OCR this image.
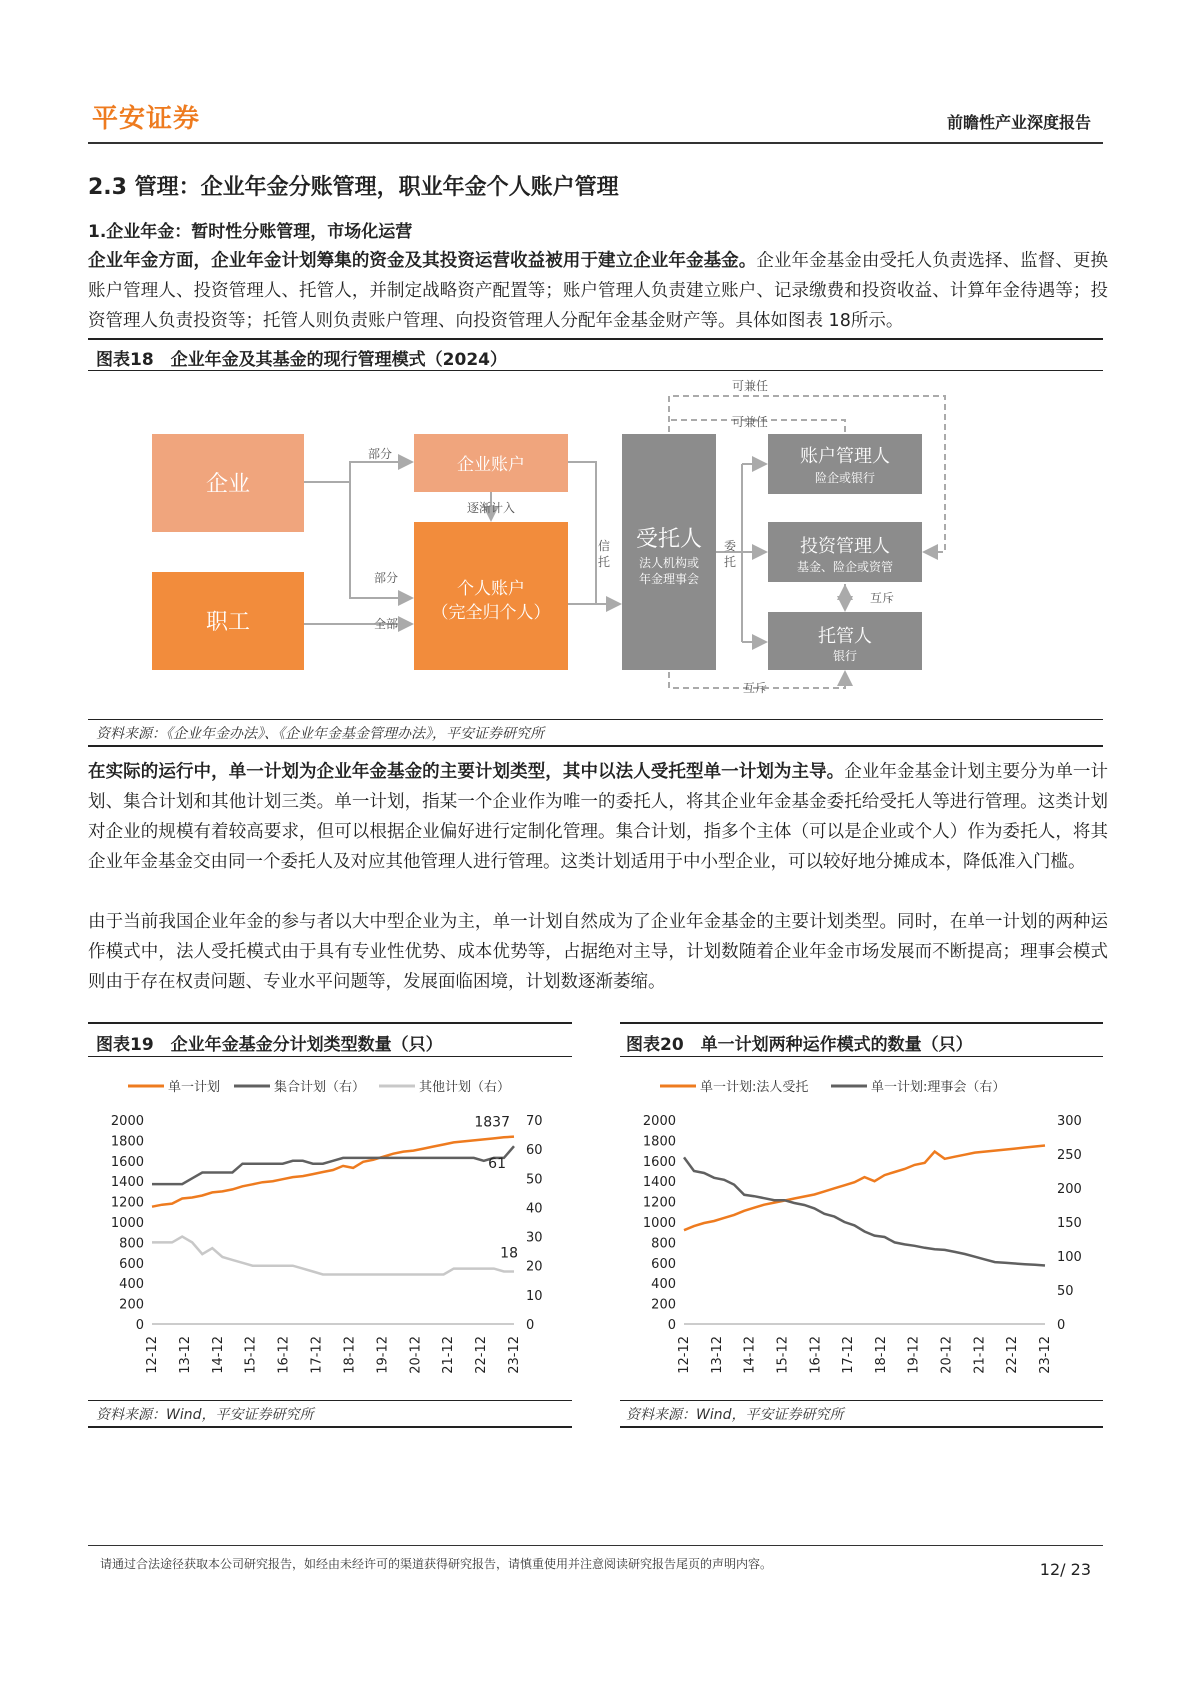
平安证券	前瞻性产业深度报告
2.3 管理：企业年金分账管理，职业年金个人账户管理
1.企业年金：暂时性分账管理，市场化运营
企业年金方面，企业年金计划筹集的资金及其投资运营收益被用于建立企业年金基金。企业年金基金由受托人负责选择、监督、更换账户管理人、投资管理人、托管人，并制定战略资产配置等；账户管理人负责建立账户、记录缴费和投资收益、计算年金待遇等；投资管理人负责投资等；托管人则负责账户管理、向投资管理人分配年金基金财产等。具体如图表 18所示。
图表18　企业年金及其基金的现行管理模式（2024）
企业
职工
企业账户
个人账户
（完全归个人）
受托人
法人机构或
年金理事会
账户管理人
险企或银行
投资管理人
基金、险企或资管
托管人
银行
部分
部分
全部
逐渐计入
信
托
委
托
可兼任
可兼任
互斥
互斥
资料来源：《企业年金办法》、《企业年金基金管理办法》，平安证券研究所
在实际的运行中，单一计划为企业年金基金的主要计划类型，其中以法人受托型单一计划为主导。企业年金基金计划主要分为单一计划、集合计划和其他计划三类。单一计划，指某一个企业作为唯一的委托人，将其企业年金基金委托给受托人等进行管理。这类计划对企业的规模有着较高要求，但可以根据企业偏好进行定制化管理。集合计划，指多个主体（可以是企业或个人）作为委托人，将其企业年金基金交由同一个委托人及对应其他管理人进行管理。这类计划适用于中小型企业，可以较好地分摊成本，降低准入门槛。
由于当前我国企业年金的参与者以大中型企业为主，单一计划自然成为了企业年金基金的主要计划类型。同时，在单一计划的两种运作模式中，法人受托模式由于具有专业性优势、成本优势等，占据绝对主导，计划数随着企业年金市场发展而不断提高；理事会模式则由于存在权责问题、专业水平问题等，发展面临困境，计划数逐渐萎缩。
图表19　企业年金基金分计划类型数量（只）
单一计划	集合计划（右）	其他计划（右）
2000
1800
1600
1400
1200
1000
800
600
400
200
0
70
60
50
40
30
20
10
0
12-12 13-12 14-12 15-12 16-12 17-12 18-12 19-12 20-12 21-12 22-12 23-12
1837
61
18
资料来源：Wind，平安证券研究所
图表20　单一计划两种运作模式的数量（只）
单一计划:法人受托	单一计划:理事会（右）
2000
1800
1600
1400
1200
1000
800
600
400
200
0
300
250
200
150
100
50
0
12-12 13-12 14-12 15-12 16-12 17-12 18-12 19-12 20-12 21-12 22-12 23-12
资料来源：Wind，平安证券研究所
请通过合法途径获取本公司研究报告，如经由未经许可的渠道获得研究报告，请慎重使用并注意阅读研究报告尾页的声明内容。	12/ 23
